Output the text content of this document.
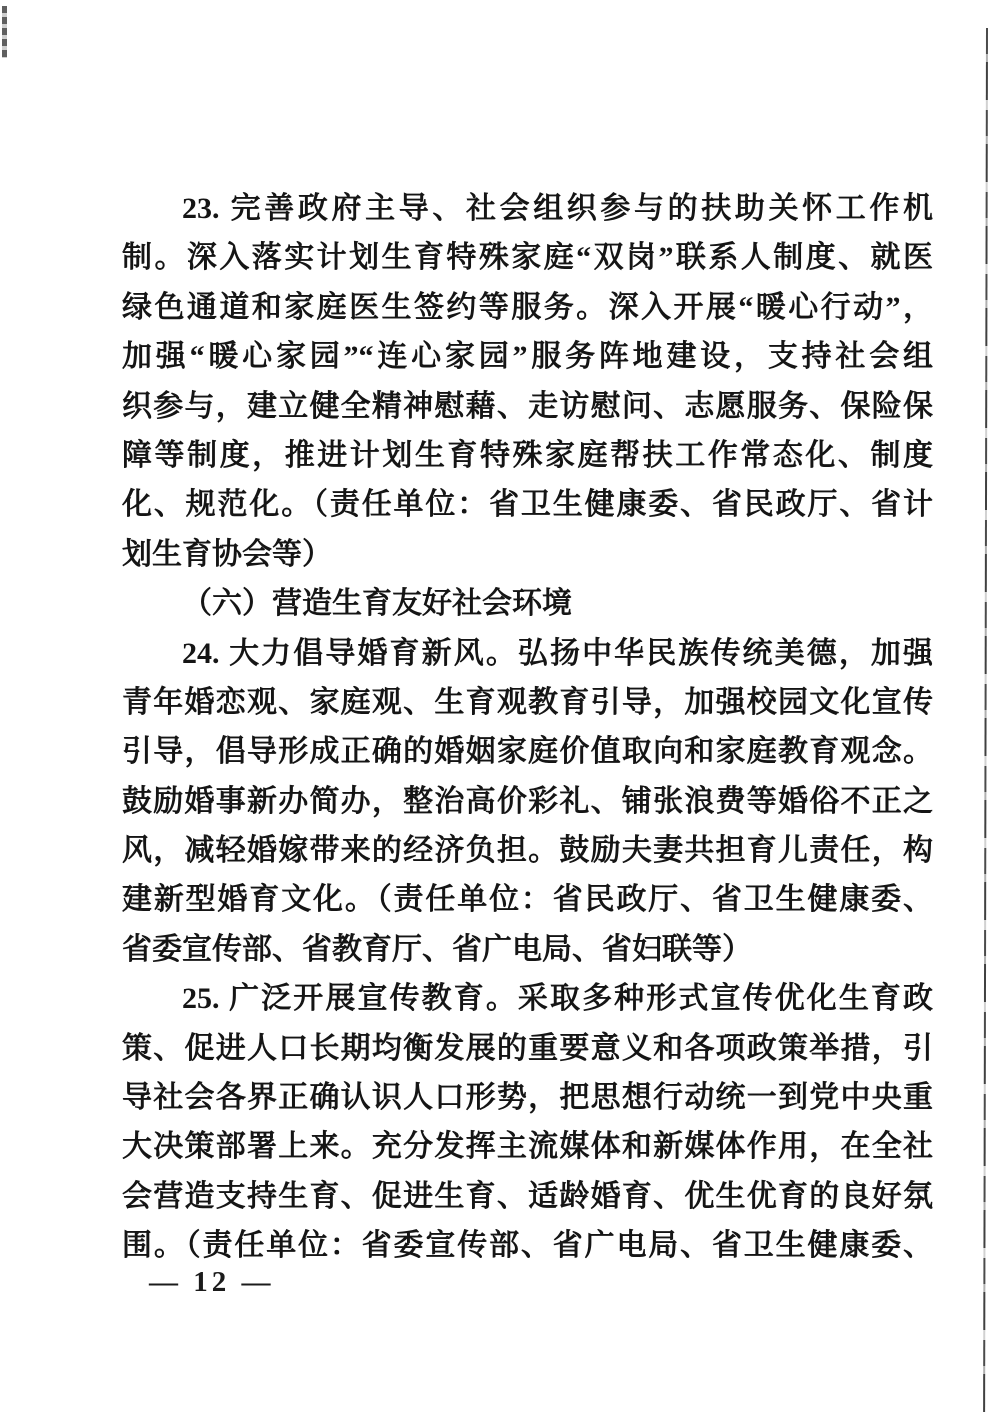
23. 完善政府主导、社会组织参与的扶助关怀工作机
制。深入落实计划生育特殊家庭“双岗”联系人制度、就医
绿色通道和家庭医生签约等服务。深入开展“暖心行动”，
加强“暖心家园”“连心家园”服务阵地建设，支持社会组
织参与，建立健全精神慰藉、走访慰问、志愿服务、保险保
障等制度，推进计划生育特殊家庭帮扶工作常态化、制度
化、规范化。（责任单位：省卫生健康委、省民政厅、省计
划生育协会等）
（六）营造生育友好社会环境
24. 大力倡导婚育新风。弘扬中华民族传统美德，加强
青年婚恋观、家庭观、生育观教育引导，加强校园文化宣传
引导，倡导形成正确的婚姻家庭价值取向和家庭教育观念。
鼓励婚事新办简办，整治高价彩礼、铺张浪费等婚俗不正之
风，减轻婚嫁带来的经济负担。鼓励夫妻共担育儿责任，构
建新型婚育文化。（责任单位：省民政厅、省卫生健康委、
省委宣传部、省教育厅、省广电局、省妇联等）
25. 广泛开展宣传教育。采取多种形式宣传优化生育政
策、促进人口长期均衡发展的重要意义和各项政策举措，引
导社会各界正确认识人口形势，把思想行动统一到党中央重
大决策部署上来。充分发挥主流媒体和新媒体作用，在全社
会营造支持生育、促进生育、适龄婚育、优生优育的良好氛
围。（责任单位：省委宣传部、省广电局、省卫生健康委、
— 12 —
